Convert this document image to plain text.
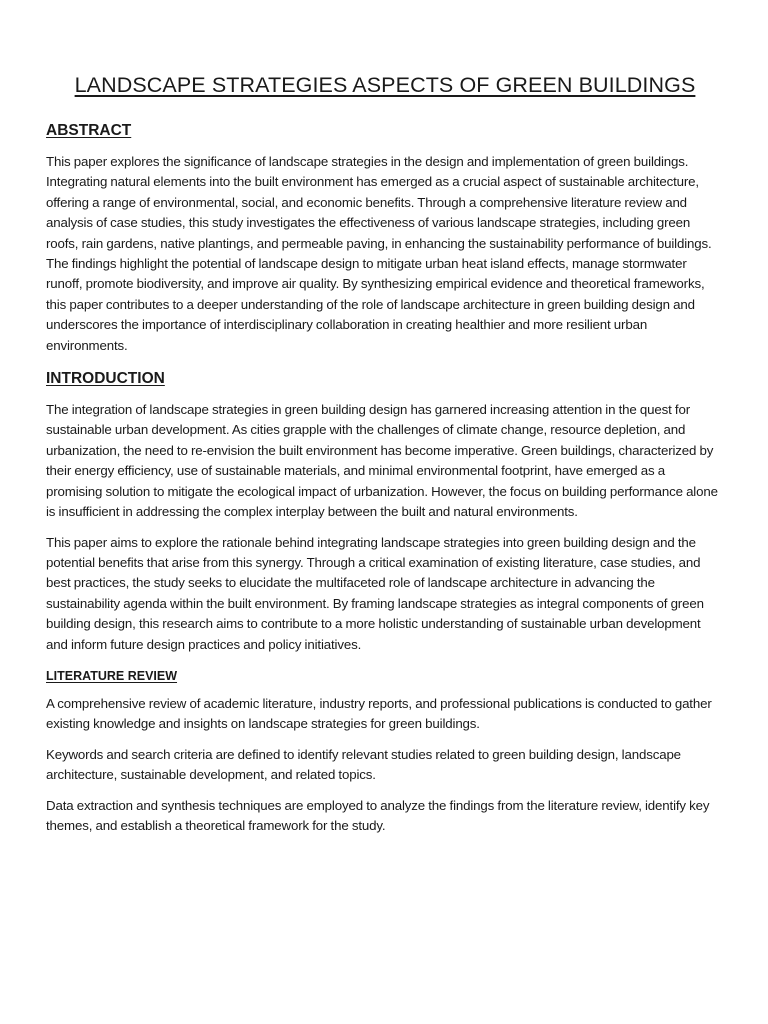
LANDSCAPE STRATEGIES ASPECTS OF GREEN BUILDINGS
ABSTRACT

This paper explores the significance of landscape strategies in the design and implementation of green buildings. Integrating natural elements into the built environment has emerged as a crucial aspect of sustainable architecture, offering a range of environmental, social, and economic benefits. Through a comprehensive literature review and analysis of case studies, this study investigates the effectiveness of various landscape strategies, including green roofs, rain gardens, native plantings, and permeable paving, in enhancing the sustainability performance of buildings. The findings highlight the potential of landscape design to mitigate urban heat island effects, manage stormwater runoff, promote biodiversity, and improve air quality. By synthesizing empirical evidence and theoretical frameworks, this paper contributes to a deeper understanding of the role of landscape architecture in green building design and underscores the importance of interdisciplinary collaboration in creating healthier and more resilient urban environments.

INTRODUCTION

The integration of landscape strategies in green building design has garnered increasing attention in the quest for sustainable urban development. As cities grapple with the challenges of climate change, resource depletion, and urbanization, the need to re-envision the built environment has become imperative. Green buildings, characterized by their energy efficiency, use of sustainable materials, and minimal environmental footprint, have emerged as a promising solution to mitigate the ecological impact of urbanization. However, the focus on building performance alone is insufficient in addressing the complex interplay between the built and natural environments.

This paper aims to explore the rationale behind integrating landscape strategies into green building design and the potential benefits that arise from this synergy. Through a critical examination of existing literature, case studies, and best practices, the study seeks to elucidate the multifaceted role of landscape architecture in advancing the sustainability agenda within the built environment. By framing landscape strategies as integral components of green building design, this research aims to contribute to a more holistic understanding of sustainable urban development and inform future design practices and policy initiatives.

LITERATURE REVIEW

A comprehensive review of academic literature, industry reports, and professional publications is conducted to gather existing knowledge and insights on landscape strategies for green buildings.

Keywords and search criteria are defined to identify relevant studies related to green building design, landscape architecture, sustainable development, and related topics.

Data extraction and synthesis techniques are employed to analyze the findings from the literature review, identify key themes, and establish a theoretical framework for the study.
